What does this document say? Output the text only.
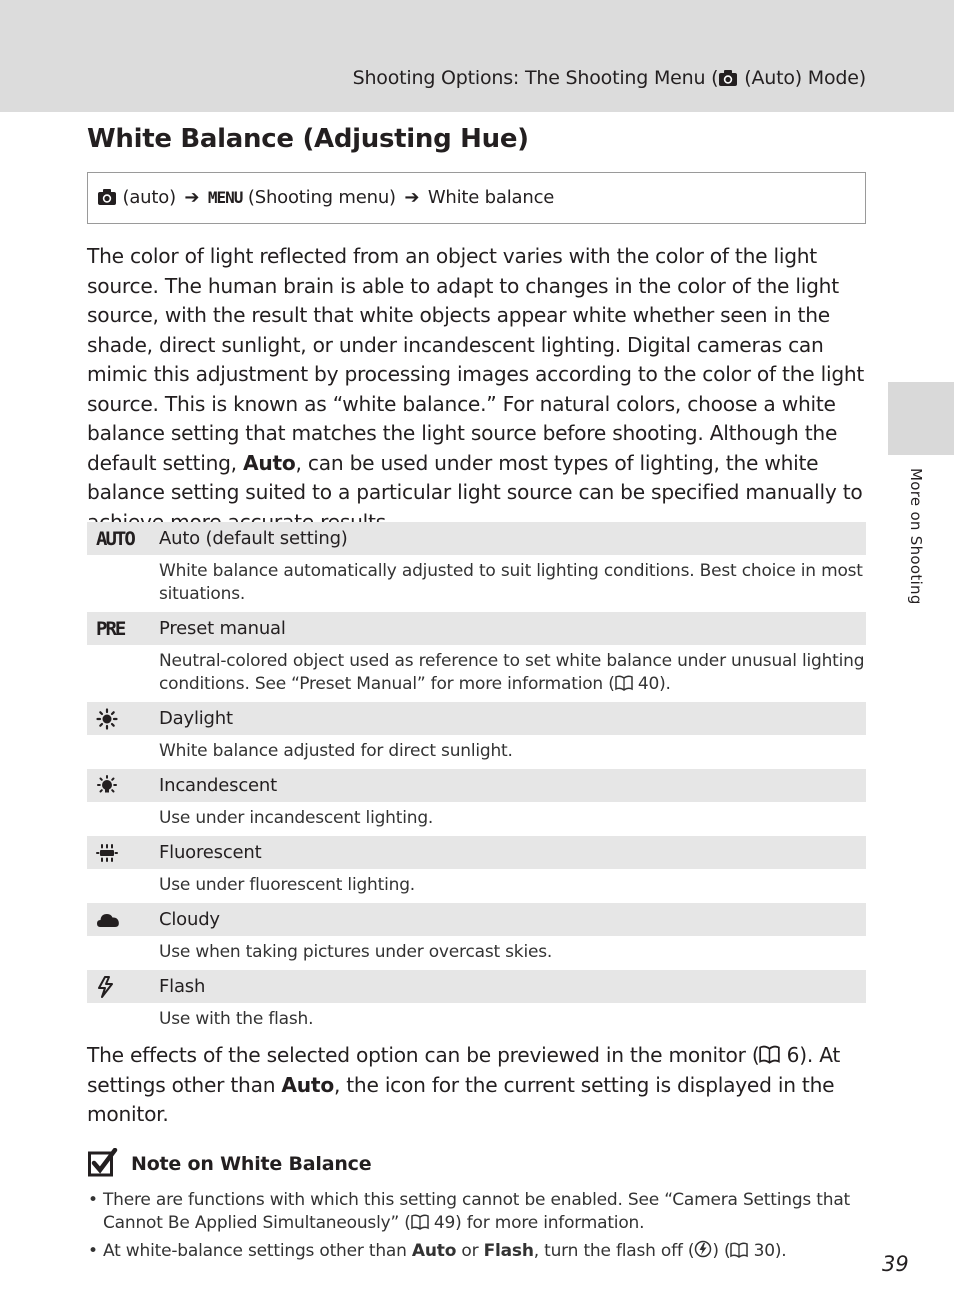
Shooting Options: The Shooting Menu ( (Auto) Mode)
White Balance (Adjusting Hue)
(auto) ➔ MENU (Shooting menu) ➔ White balance

The color of light reflected from an object varies with the color of the light source. The human brain is able to adapt to changes in the color of the light source, with the result that white objects appear white whether seen in the shade, direct sunlight, or under incandescent lighting. Digital cameras can mimic this adjustment by processing images according to the color of the light source. This is known as “white balance.” For natural colors, choose a white balance setting that matches the light source before shooting. Although the default setting, Auto, can be used under most types of lighting, the white balance setting suited to a particular light source can be specified manually to

AUTO Auto (default setting)
White balance automatically adjusted to suit lighting conditions. Best choice in most situations.
PRE Preset manual
Neutral-colored object used as reference to set white balance under unusual lighting conditions. See “Preset Manual” for more information ( 40).
Daylight
White balance adjusted for direct sunlight.
Incandescent
Use under incandescent lighting.
Fluorescent
Use under fluorescent lighting.
Cloudy
Use when taking pictures under overcast skies.
Flash
Use with the flash.

The effects of the selected option can be previewed in the monitor ( 6). At settings other than Auto, the icon for the current setting is displayed in the monitor.

Note on White Balance
• There are functions with which this setting cannot be enabled. See “Camera Settings that Cannot Be Applied Simultaneously” ( 49) for more information.
• At white-balance settings other than Auto or Flash, turn the flash off ( ) ( 30).
More on Shooting
39
